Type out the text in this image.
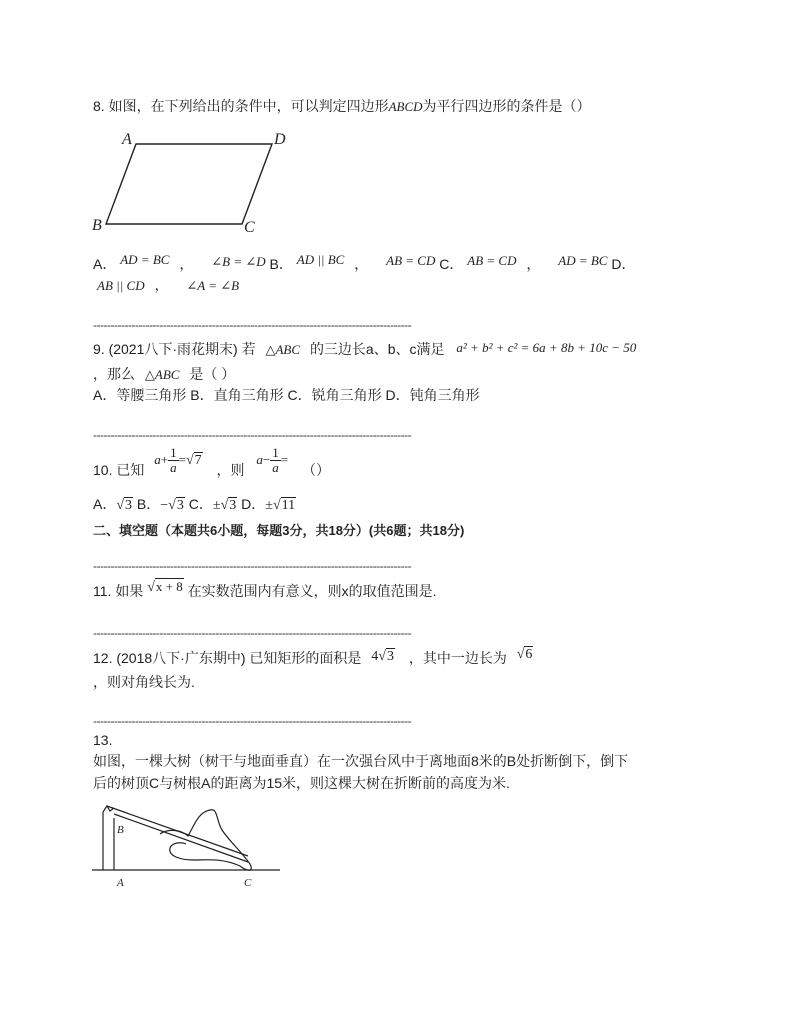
8. 如图，在下列给出的条件中，可以判定四边形ABCD为平行四边形的条件是（）
A	D
B	C
A． AD = BC ， ∠B = ∠D B． AD || BC ， AB = CD C． AB = CD ， AD = BC D．
AB || CD ， ∠A = ∠B
-------------------------------------------------------------------------------------------
9. (2021八下·雨花期末) 若 △ABC 的三边长a、b、c满足 a² + b² + c² = 6a + 8b + 10c − 50
，那么 △ABC 是（ ）
A．等腰三角形 B．直角三角形 C．锐角三角形 D．钝角三角形
-------------------------------------------------------------------------------------------
10. 已知 $a+ \frac{1}{a} =√7$ ，则 $a- \frac{1}{a}$ = （）
A．√3 B．−√3 C．±√3 D．±√11
二、填空题（本题共6小题，每题3分，共18分）(共6题；共18分)
-------------------------------------------------------------------------------------------
11. 如果 √x + 8 在实数范围内有意义，则x的取值范围是.
-------------------------------------------------------------------------------------------
12. (2018八下·广东期中) 已知矩形的面积是 4√3 ，其中一边长为 √6
，则对角线长为.
-------------------------------------------------------------------------------------------
13.
如图，一棵大树（树干与地面垂直）在一次强台风中于离地面8米的B处折断倒下，倒下
后的树顶C与树根A的距离为15米，则这棵大树在折断前的高度为米.
B
A	C
